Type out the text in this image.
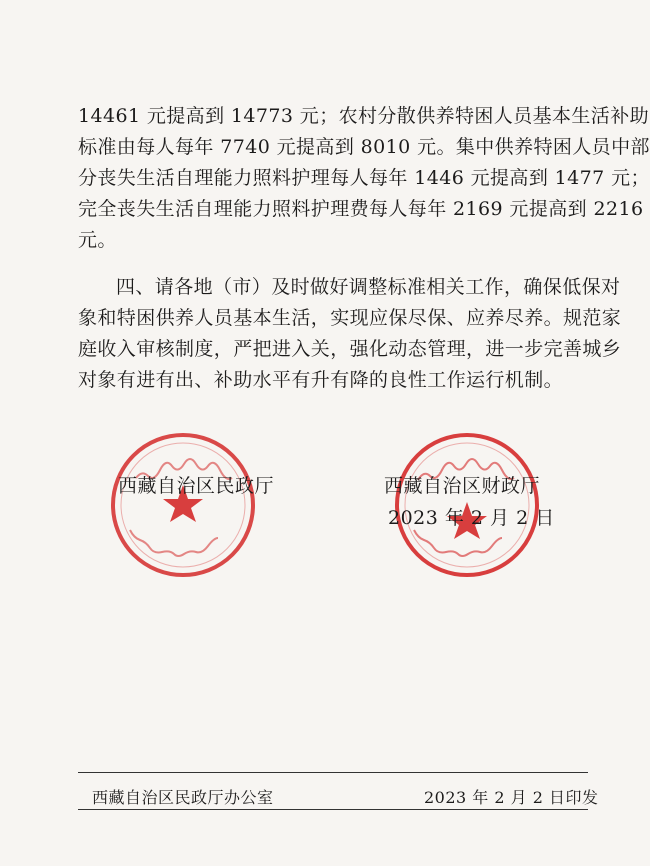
14461 元提高到 14773 元；农村分散供养特困人员基本生活补助
标准由每人每年 7740 元提高到 8010 元。集中供养特困人员中部
分丧失生活自理能力照料护理每人每年 1446 元提高到 1477 元；
完全丧失生活自理能力照料护理费每人每年 2169 元提高到 2216
元。

四、请各地（市）及时做好调整标准相关工作，确保低保对
象和特困供养人员基本生活，实现应保尽保、应养尽养。规范家
庭收入审核制度，严把进入关，强化动态管理，进一步完善城乡
对象有进有出、补助水平有升有降的良性工作运行机制。

西藏自治区民政厅	西藏自治区财政厅
2023 年 2 月 2 日
西藏自治区民政厅办公室	2023 年 2 月 2 日印发
